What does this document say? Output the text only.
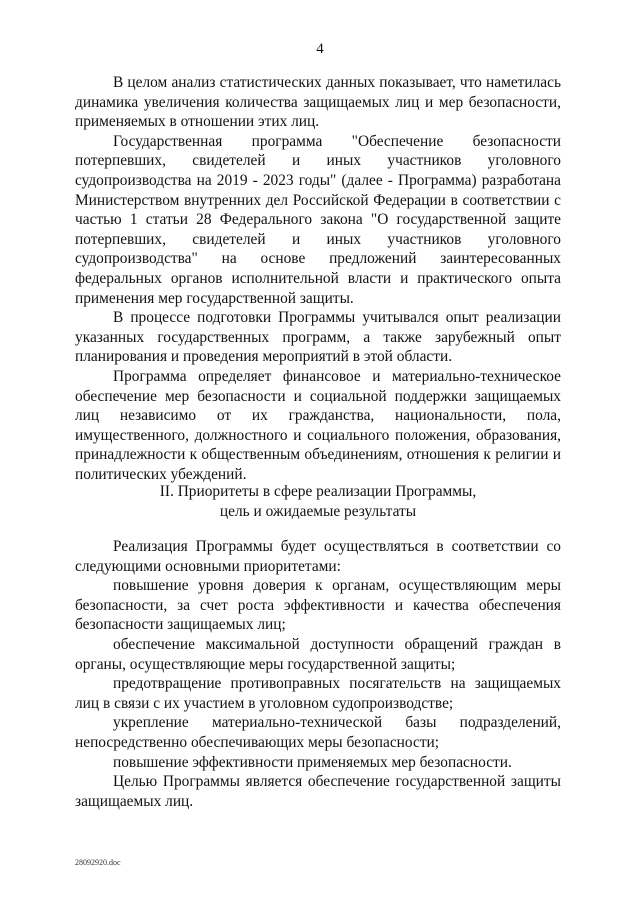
4

В целом анализ статистических данных показывает, что наметилась динамика увеличения количества защищаемых лиц и мер безопасности, применяемых в отношении этих лиц.

Государственная программа "Обеспечение безопасности потерпевших, свидетелей и иных участников уголовного судопроизводства на 2019 - 2023 годы" (далее - Программа) разработана Министерством внутренних дел Российской Федерации в соответствии с частью 1 статьи 28 Федерального закона "О государственной защите потерпевших, свидетелей и иных участников уголовного судопроизводства" на основе предложений заинтересованных федеральных органов исполнительной власти и практического опыта применения мер государственной защиты.

В процессе подготовки Программы учитывался опыт реализации указанных государственных программ, а также зарубежный опыт планирования и проведения мероприятий в этой области.

Программа определяет финансовое и материально-техническое обеспечение мер безопасности и социальной поддержки защищаемых лиц независимо от их гражданства, национальности, пола, имущественного, должностного и социального положения, образования, принадлежности к общественным объединениям, отношения к религии и политических убеждений.

II. Приоритеты в сфере реализации Программы,
цель и ожидаемые результаты

Реализация Программы будет осуществляться в соответствии со следующими основными приоритетами:

повышение уровня доверия к органам, осуществляющим меры безопасности, за счет роста эффективности и качества обеспечения безопасности защищаемых лиц;

обеспечение максимальной доступности обращений граждан в органы, осуществляющие меры государственной защиты;

предотвращение противоправных посягательств на защищаемых лиц в связи с их участием в уголовном судопроизводстве;

укрепление материально-технической базы подразделений, непосредственно обеспечивающих меры безопасности;

повышение эффективности применяемых мер безопасности.

Целью Программы является обеспечение государственной защиты защищаемых лиц.

28092920.doc
